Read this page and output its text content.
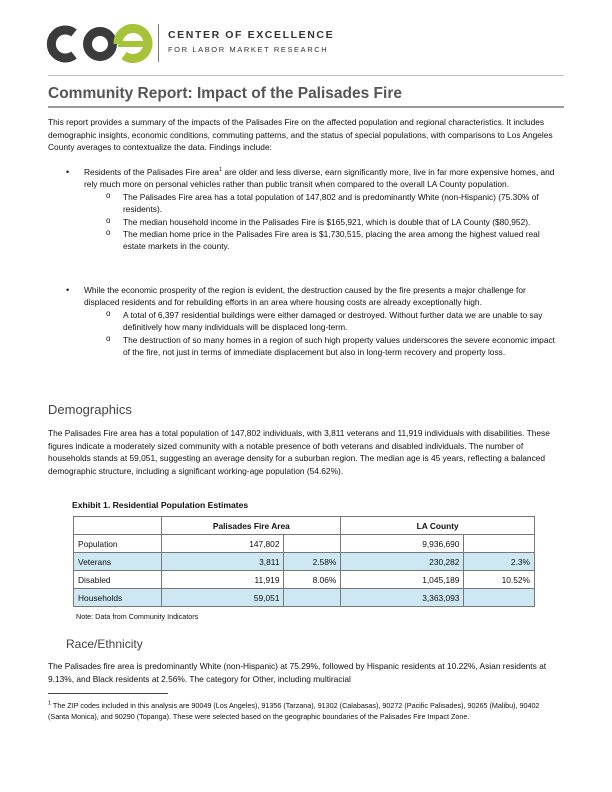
CENTER OF EXCELLENCE
FOR LABOR MARKET RESEARCH
Community Report: Impact of the Palisades Fire
This report provides a summary of the impacts of the Palisades Fire on the affected population and regional characteristics. It includes demographic insights, economic conditions, commuting patterns, and the status of special populations, with comparisons to Los Angeles County averages to contextualize the data. Findings include:
• Residents of the Palisades Fire area$^1$ are older and less diverse, earn significantly more, live in far more expensive homes, and rely much more on personal vehicles rather than public transit when compared to the overall LA County population.
o The Palisades Fire area has a total population of 147,802 and is predominantly White (non-Hispanic) (75.30% of residents).
o The median household income in the Palisades Fire is $165,921, which is double that of LA County ($80,952).
o The median home price in the Palisades Fire area is $1,730,515, placing the area among the highest valued real estate markets in the county.
• While the economic prosperity of the region is evident, the destruction caused by the fire presents a major challenge for displaced residents and for rebuilding efforts in an area where housing costs are already exceptionally high.
o A total of 6,397 residential buildings were either damaged or destroyed. Without further data we are unable to say definitively how many individuals will be displaced long-term.
o The destruction of so many homes in a region of such high property values underscores the severe economic impact of the fire, not just in terms of immediate displacement but also in long-term recovery and property loss.
Demographics
The Palisades Fire area has a total population of 147,802 individuals, with 3,811 veterans and 11,919 individuals with disabilities. These figures indicate a moderately sized community with a notable presence of both veterans and disabled individuals. The number of households stands at 59,051, suggesting an average density for a suburban region. The median age is 45 years, reflecting a balanced demographic structure, including a significant working-age population (54.62%).
Exhibit 1. Residential Population Estimates
	Palisades Fire Area		LA County	
Population	147,802		9,936,690	
Veterans	3,811	2.58%	230,282	2.3%
Disabled	11,919	8.06%	1,045,189	10.52%
Households	59,051		3,363,093	
Note: Data from Community Indicators
Race/Ethnicity
The Palisades fire area is predominantly White (non-Hispanic) at 75.29%, followed by Hispanic residents at 10.22%, Asian residents at 9.13%, and Black residents at 2.56%. The category for Other, including multiracial
$^1$ The ZIP codes included in this analysis are 90049 (Los Angeles), 91356 (Tarzana), 91302 (Calabasas), 90272 (Pacific Palisades), 90265 (Malibu), 90402 (Santa Monica), and 90290 (Topanga). These were selected based on the geographic boundaries of the Palisades Fire Impact Zone.
